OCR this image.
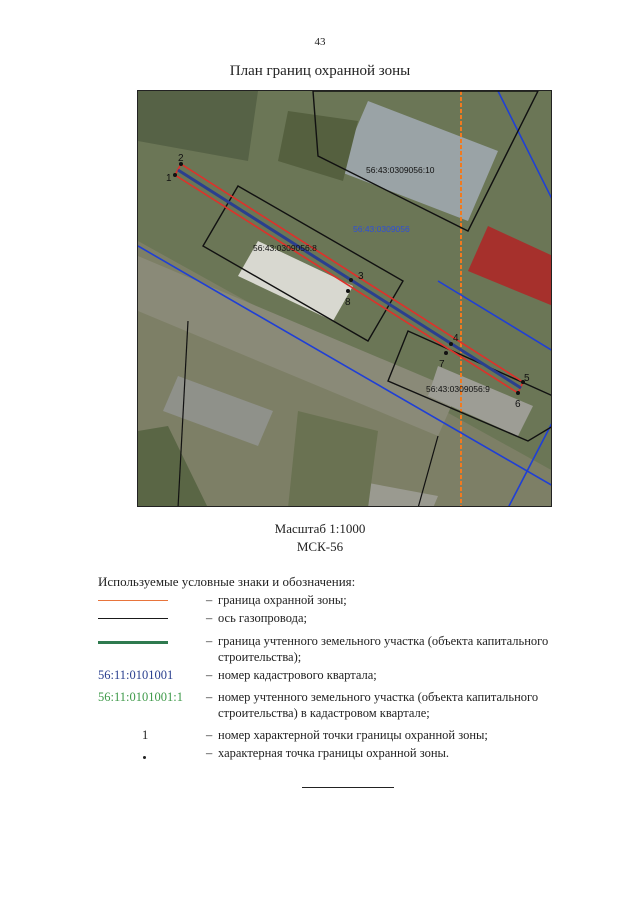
43
План границ охранной зоны
1
2
3
4
5
6
7
8
56:43:0309056:10
56:43:0309056:8
56:43:0309056:9
56:43:0309056
Масштаб 1:1000
МСК-56
Используемые условные знаки и обозначения:
– граница охранной зоны;
– ось газопровода;
– граница учтенного земельного участка (объекта капитального строительства);
56:11:0101001	– номер кадастрового квартала;
56:11:0101001:1 – номер учтенного земельного участка (объекта капитального строительства) в кадастровом квартале;
1	– номер характерной точки границы охранной зоны;
– характерная точка границы охранной зоны.
